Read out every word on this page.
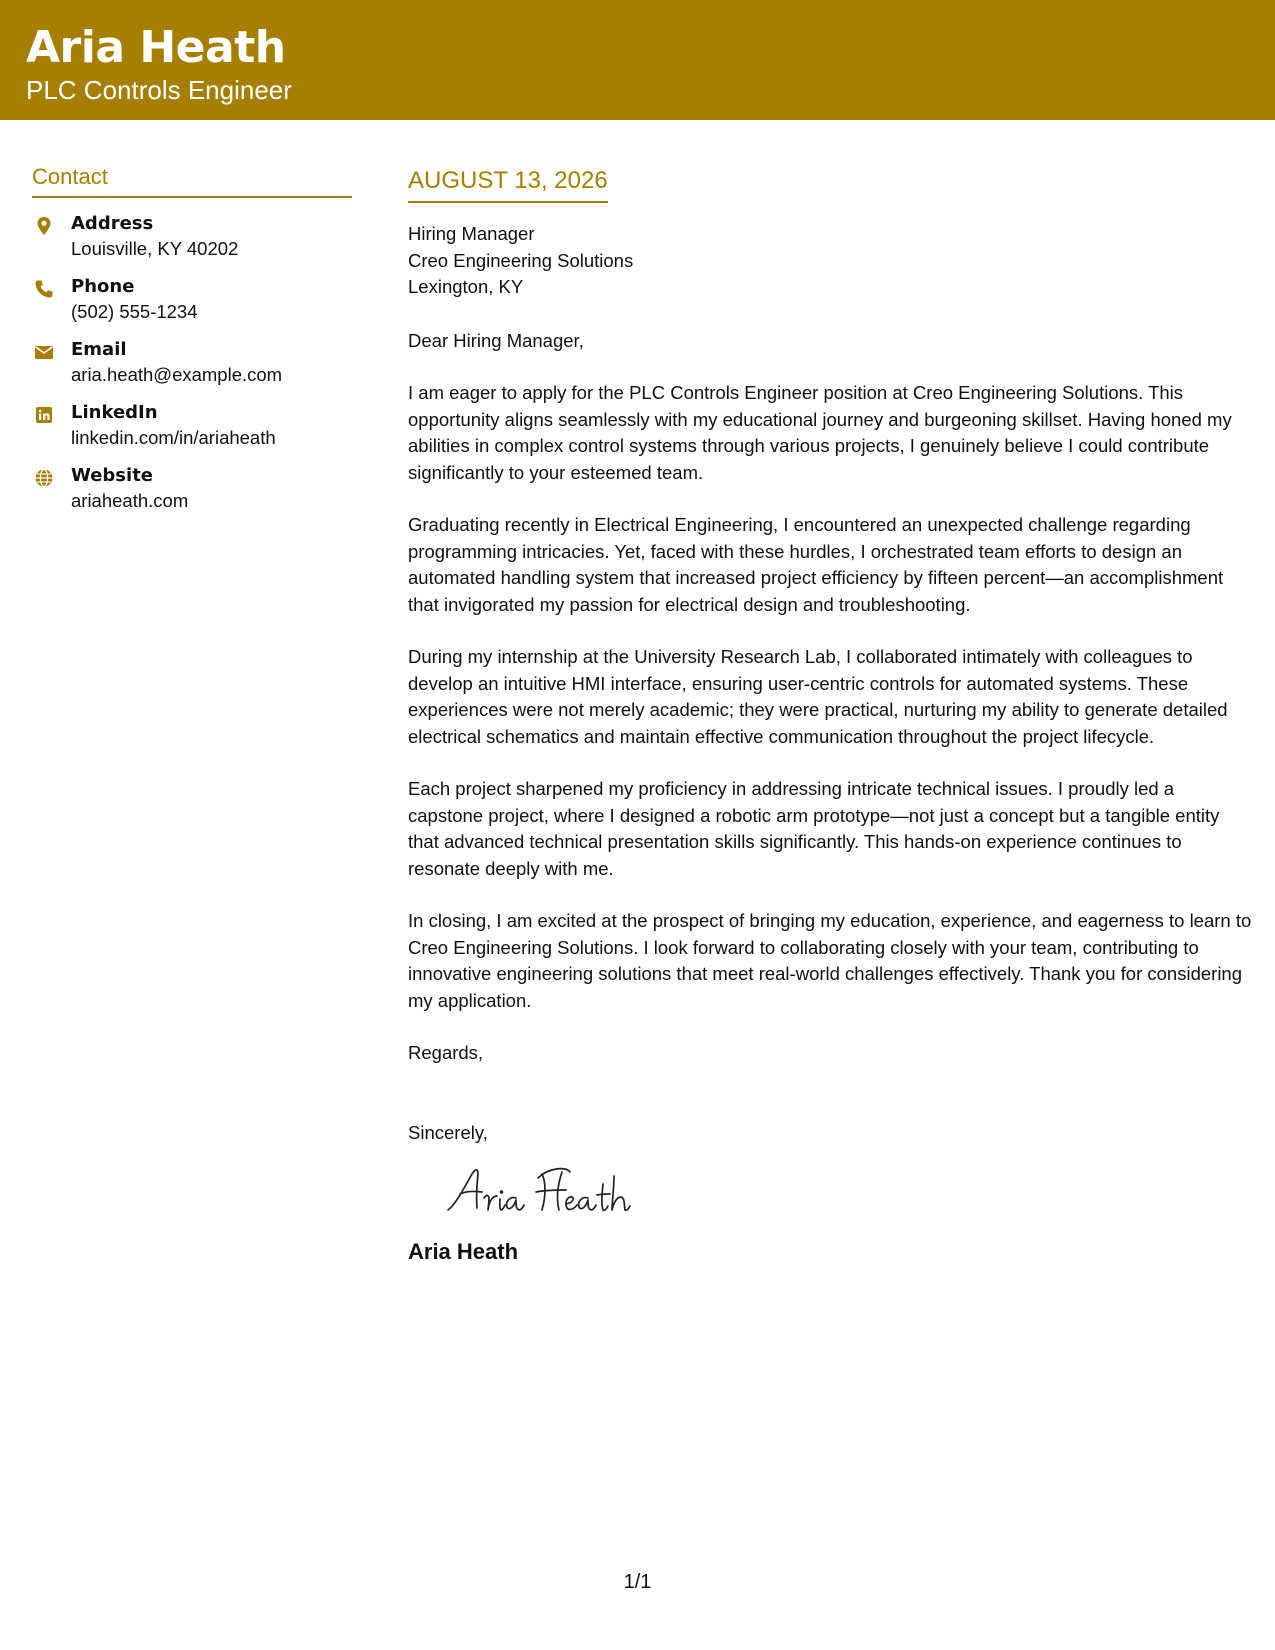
Aria Heath
PLC Controls Engineer
Contact
Address
Louisville, KY 40202
Phone
(502) 555-1234
Email
aria.heath@example.com
LinkedIn
linkedin.com/in/ariaheath
Website
ariaheath.com
AUGUST 13, 2026
Hiring Manager
Creo Engineering Solutions
Lexington, KY
Dear Hiring Manager,
I am eager to apply for the PLC Controls Engineer position at Creo Engineering Solutions. This opportunity aligns seamlessly with my educational journey and burgeoning skillset. Having honed my abilities in complex control systems through various projects, I genuinely believe I could contribute significantly to your esteemed team.
Graduating recently in Electrical Engineering, I encountered an unexpected challenge regarding programming intricacies. Yet, faced with these hurdles, I orchestrated team efforts to design an automated handling system that increased project efficiency by fifteen percent—an accomplishment that invigorated my passion for electrical design and troubleshooting.
During my internship at the University Research Lab, I collaborated intimately with colleagues to develop an intuitive HMI interface, ensuring user-centric controls for automated systems. These experiences were not merely academic; they were practical, nurturing my ability to generate detailed electrical schematics and maintain effective communication throughout the project lifecycle.
Each project sharpened my proficiency in addressing intricate technical issues. I proudly led a capstone project, where I designed a robotic arm prototype—not just a concept but a tangible entity that advanced technical presentation skills significantly. This hands-on experience continues to resonate deeply with me.
In closing, I am excited at the prospect of bringing my education, experience, and eagerness to learn to Creo Engineering Solutions. I look forward to collaborating closely with your team, contributing to innovative engineering solutions that meet real-world challenges effectively. Thank you for considering my application.
Regards,
Sincerely,
Aria Heath
1/1
